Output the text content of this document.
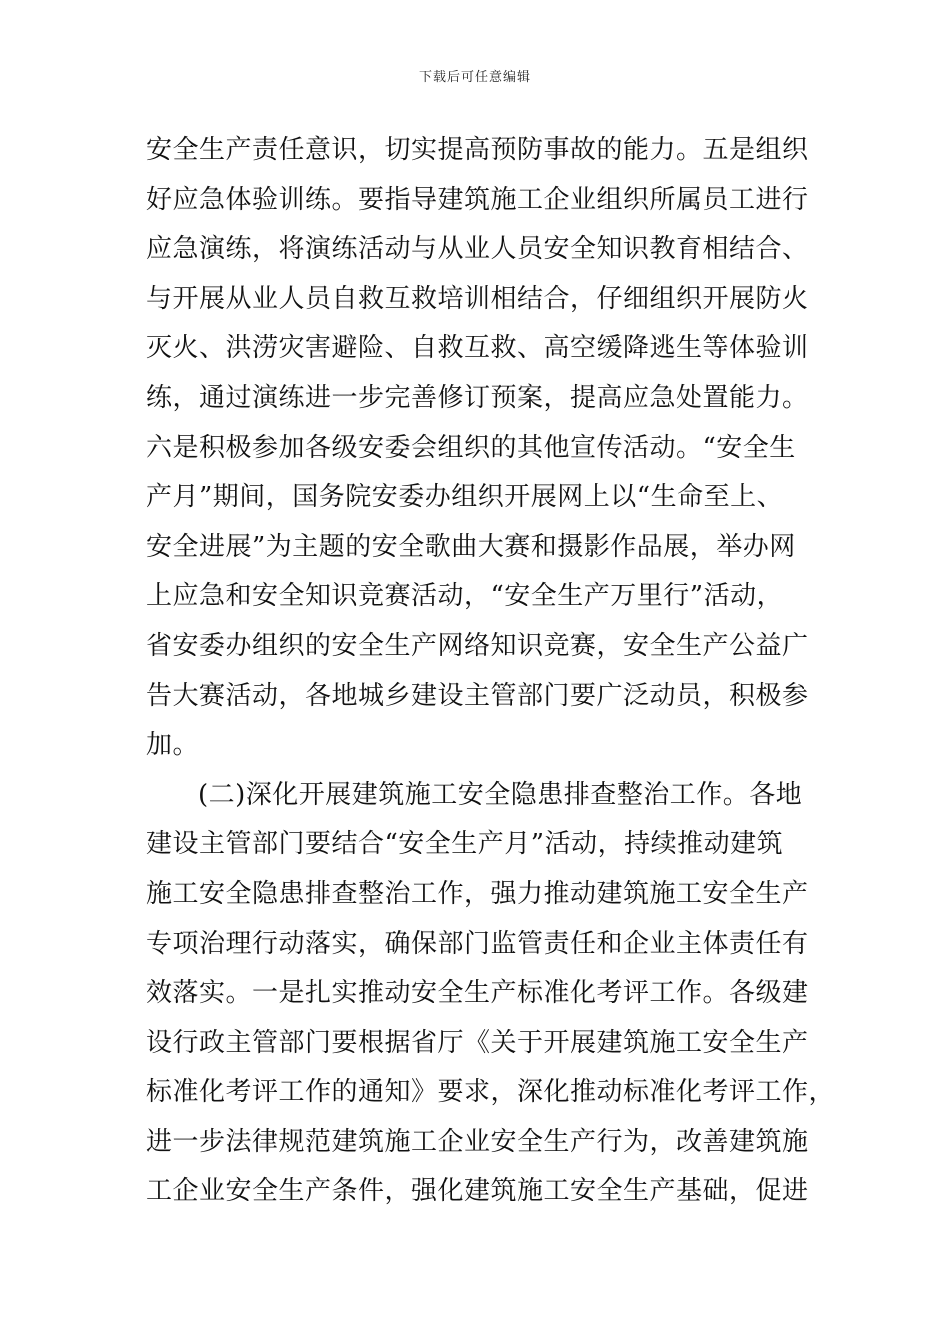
下载后可任意编辑
安全生产责任意识，切实提高预防事故的能力。五是组织
好应急体验训练。要指导建筑施工企业组织所属员工进行
应急演练，将演练活动与从业人员安全知识教育相结合、
与开展从业人员自救互救培训相结合，仔细组织开展防火
灭火、洪涝灾害避险、自救互救、高空缓降逃生等体验训
练，通过演练进一步完善修订预案，提高应急处置能力。
六是积极参加各级安委会组织的其他宣传活动。“安全生
产月”期间，国务院安委办组织开展网上以“生命至上、
安全进展”为主题的安全歌曲大赛和摄影作品展，举办网
上应急和安全知识竞赛活动，“安全生产万里行”活动，
省安委办组织的安全生产网络知识竞赛，安全生产公益广
告大赛活动，各地城乡建设主管部门要广泛动员，积极参
加。
(二)深化开展建筑施工安全隐患排查整治工作。各地
建设主管部门要结合“安全生产月”活动，持续推动建筑
施工安全隐患排查整治工作，强力推动建筑施工安全生产
专项治理行动落实，确保部门监管责任和企业主体责任有
效落实。一是扎实推动安全生产标准化考评工作。各级建
设行政主管部门要根据省厅《关于开展建筑施工安全生产
标准化考评工作的通知》要求，深化推动标准化考评工作，
进一步法律规范建筑施工企业安全生产行为，改善建筑施
工企业安全生产条件，强化建筑施工安全生产基础，促进
